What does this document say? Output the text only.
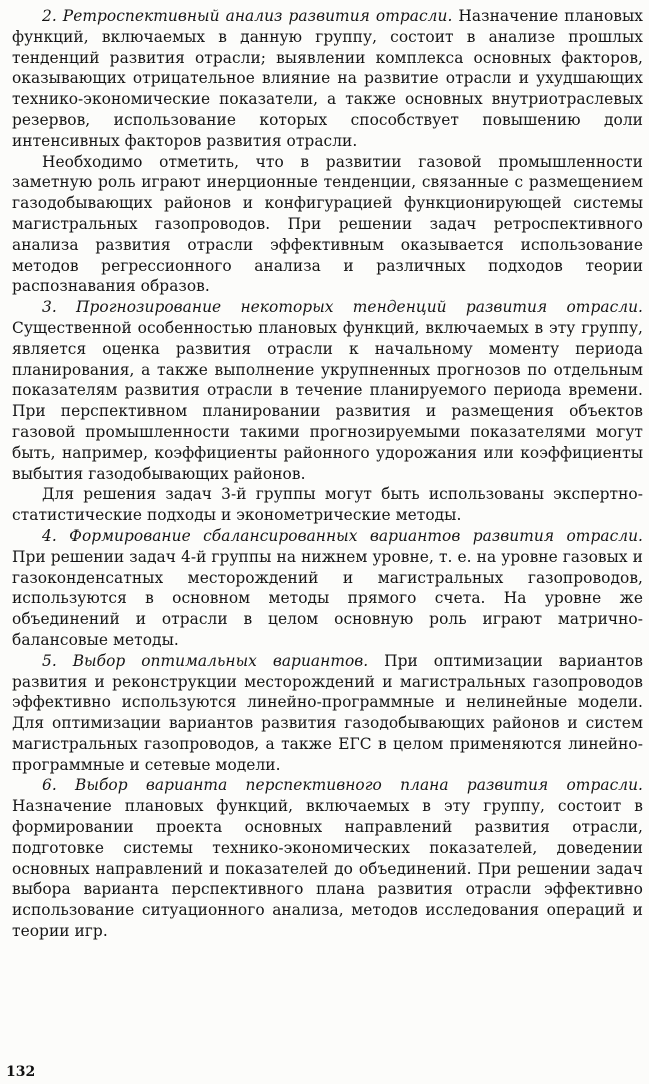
2. Ретроспективный анализ развития отрасли. Назначение плановых функций, включаемых в данную группу, состоит в анализе прошлых тенденций развития отрасли; выявлении комплекса основных факторов, оказывающих отрицательное влияние на развитие отрасли и ухудшающих технико-экономические показатели, а также основных внутриотраслевых резервов, использование которых способствует повышению доли интенсивных факторов развития отрасли.

Необходимо отметить, что в развитии газовой промышленности заметную роль играют инерционные тенденции, связанные с размещением газодобывающих районов и конфигурацией функционирующей системы магистральных газопроводов. При решении задач ретроспективного анализа развития отрасли эффективным оказывается использование методов регрессионного анализа и различных подходов теории распознавания образов.

3. Прогнозирование некоторых тенденций развития отрасли. Существенной особенностью плановых функций, включаемых в эту группу, является оценка развития отрасли к начальному моменту периода планирования, а также выполнение укрупненных прогнозов по отдельным показателям развития отрасли в течение планируемого периода времени. При перспективном планировании развития и размещения объектов газовой промышленности такими прогнозируемыми показателями могут быть, например, коэффициенты районного удорожания или коэффициенты выбытия газодобывающих районов.

Для решения задач 3-й группы могут быть использованы экспертно-статистические подходы и эконометрические методы.

4. Формирование сбалансированных вариантов развития отрасли. При решении задач 4-й группы на нижнем уровне, т. е. на уровне газовых и газоконденсатных месторождений и магистральных газопроводов, используются в основном методы прямого счета. На уровне же объединений и отрасли в целом основную роль играют матрично-балансовые методы.

5. Выбор оптимальных вариантов. При оптимизации вариантов развития и реконструкции месторождений и магистральных газопроводов эффективно используются линейно-программные и нелинейные модели. Для оптимизации вариантов развития газодобывающих районов и систем магистральных газопроводов, а также ЕГС в целом применяются линейно-программные и сетевые модели.

6. Выбор варианта перспективного плана развития отрасли. Назначение плановых функций, включаемых в эту группу, состоит в формировании проекта основных направлений развития отрасли, подготовке системы технико-экономических показателей, доведении основных направлений и показателей до объединений. При решении задач выбора варианта перспективного плана развития отрасли эффективно использование ситуационного анализа, методов исследования операций и теории игр.

132
